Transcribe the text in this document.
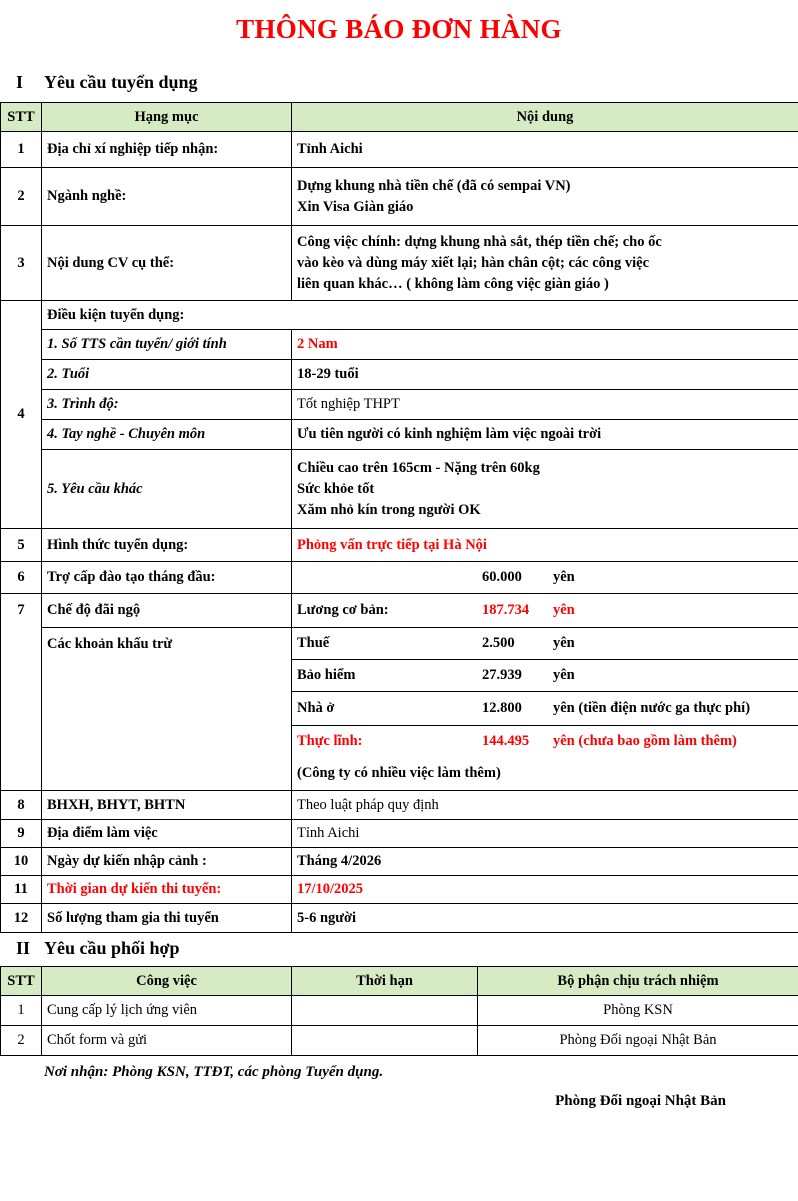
THÔNG BÁO ĐƠN HÀNG
I Yêu cầu tuyển dụng
STT	Hạng mục	Nội dung
1	Địa chỉ xí nghiệp tiếp nhận:	Tỉnh Aichi
2	Ngành nghề:	Dựng khung nhà tiền chế (đã có sempai VN)
Xin Visa Giàn giáo

3	Nội dung CV cụ thể:	Công việc chính: dựng khung nhà sắt, thép tiền chế; cho ốc
vào kèo và dùng máy xiết lại; hàn chân cột; các công việc
liên quan khác… ( không làm công việc giàn giáo )

4	Điều kiện tuyển dụng:	
	1. Số TTS cần tuyển/ giới tính	2 Nam
	2. Tuổi	18-29 tuổi
	3. Trình độ:	Tốt nghiệp THPT
	4. Tay nghề - Chuyên môn	Ưu tiên người có kinh nghiệm làm việc ngoài trời
	5. Yêu cầu khác	Chiều cao trên 165cm - Nặng trên 60kg
Sức khỏe tốt
Xăm nhỏ kín trong người OK

5	Hình thức tuyển dụng:	Phỏng vấn trực tiếp tại Hà Nội
6	Trợ cấp đào tạo tháng đầu:	60.000 yên

7	Chế độ đãi ngộ	Lương cơ bản: 187.734 yên

	Các khoản khấu trừ	Thuế 2.500 yên

		Bảo hiểm 27.939 yên

		Nhà ở 12.800 yên (tiền điện nước ga thực phí)

		Thực lĩnh: 144.495 yên (chưa bao gồm làm thêm)

		(Công ty có nhiều việc làm thêm)
8	BHXH, BHYT, BHTN	Theo luật pháp quy định
9	Địa điểm làm việc	Tỉnh Aichi
10	Ngày dự kiến nhập cảnh :	Tháng 4/2026
11	Thời gian dự kiến thi tuyển:	17/10/2025
12	Số lượng tham gia thi tuyển	5-6 người
II Yêu cầu phối hợp
STT	Công việc	Thời hạn	Bộ phận chịu trách nhiệm
1	Cung cấp lý lịch ứng viên		Phòng KSN
2	Chốt form và gửi		Phòng Đối ngoại Nhật Bản
Nơi nhận: Phòng KSN, TTĐT, các phòng Tuyển dụng.
Phòng Đối ngoại Nhật Bản
